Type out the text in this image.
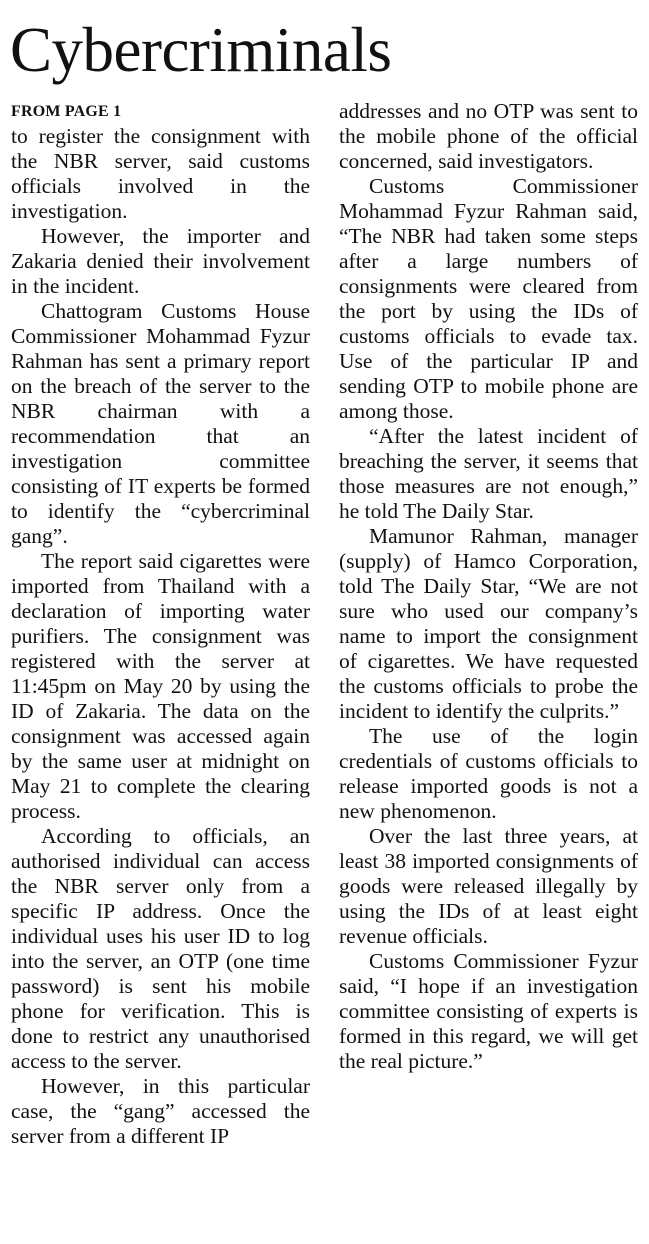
Cybercriminals
FROM PAGE 1

to register the consignment with the NBR server, said customs officials involved in the investigation.

However, the importer and Zakaria denied their involvement in the incident.

Chattogram Customs House Commissioner Mohammad Fyzur Rahman has sent a primary report on the breach of the server to the NBR chairman with a recommendation that an investigation committee consisting of IT experts be formed to identify the “cybercriminal gang”.

The report said cigarettes were imported from Thailand with a declaration of importing water purifiers. The consignment was registered with the server at 11:45pm on May 20 by using the ID of Zakaria. The data on the consignment was accessed again by the same user at midnight on May 21 to complete the clearing process.

According to officials, an authorised individual can access the NBR server only from a specific IP address. Once the individual uses his user ID to log into the server, an OTP (one time password) is sent his mobile phone for verification. This is done to restrict any unauthorised access to the server.

However, in this particular case, the “gang” accessed the server from a different IP

addresses and no OTP was sent to the mobile phone of the official concerned, said investigators.

Customs Commissioner Mohammad Fyzur Rahman said, “The NBR had taken some steps after a large numbers of consignments were cleared from the port by using the IDs of customs officials to evade tax. Use of the particular IP and sending OTP to mobile phone are among those.

“After the latest incident of breaching the server, it seems that those measures are not enough,” he told The Daily Star.

Mamunor Rahman, manager (supply) of Hamco Corporation, told The Daily Star, “We are not sure who used our company’s name to import the consignment of cigarettes. We have requested the customs officials to probe the incident to identify the culprits.”

The use of the login credentials of customs officials to release imported goods is not a new phenomenon.

Over the last three years, at least 38 imported consignments of goods were released illegally by using the IDs of at least eight revenue officials.

Customs Commissioner Fyzur said, “I hope if an investigation committee consisting of experts is formed in this regard, we will get the real picture.”
